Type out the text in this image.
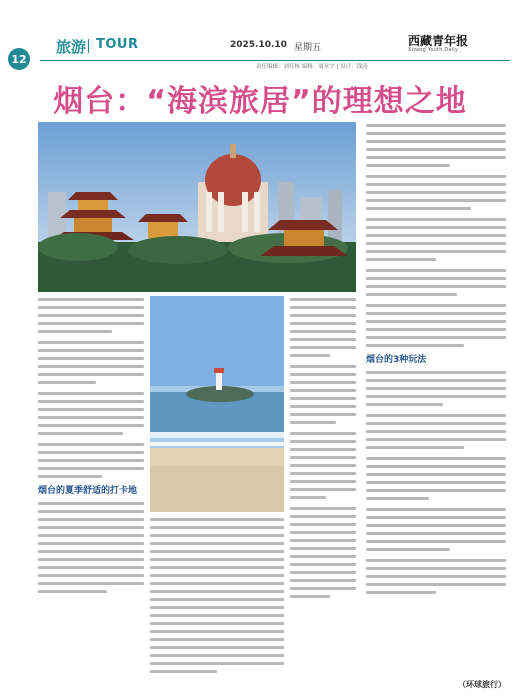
12
旅游 TOUR	2025.10.10 星期五	西藏青年报
Xizang Youth Daily
责任编辑：刘佳栋 编辑：周章宇 | 设计：钱涛
烟台：“海滨旅居”的理想之地
烟台的夏季舒适的打卡地
烟台的3种玩法
（环球旅行）
